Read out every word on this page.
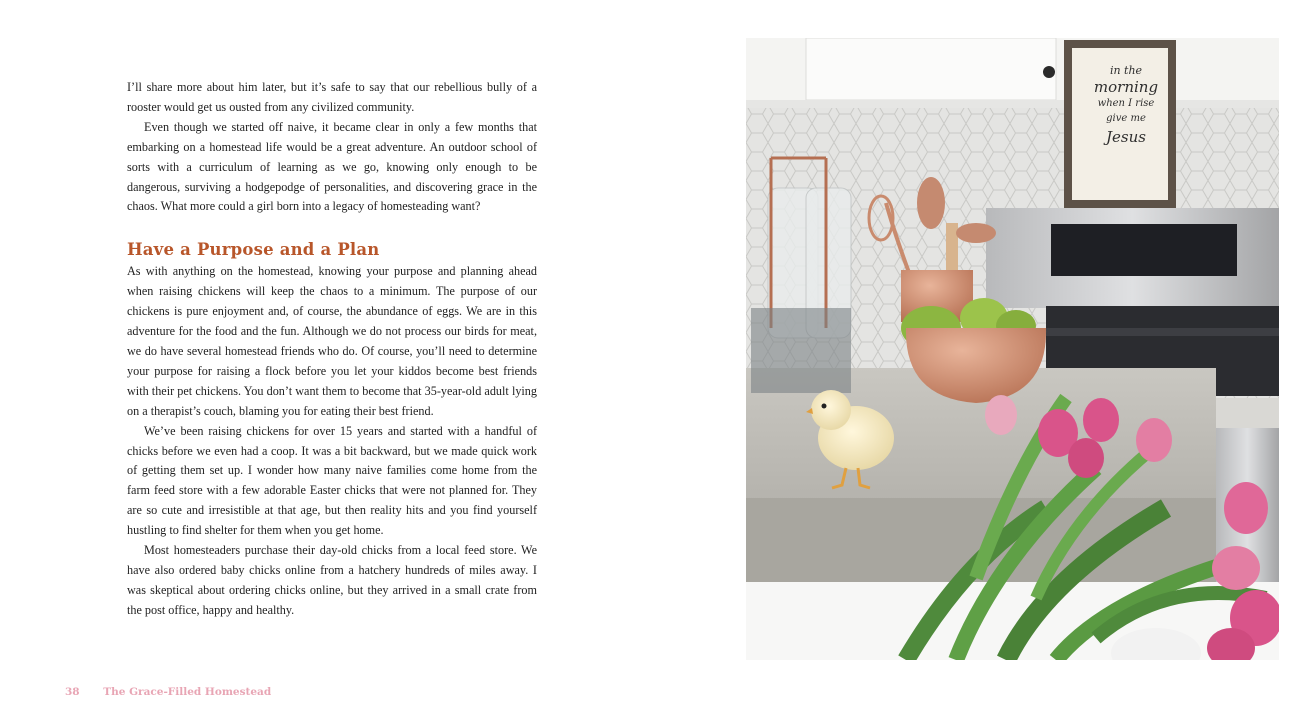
I’ll share more about him later, but it’s safe to say that our rebellious bully of a rooster would get us ousted from any civilized community.

Even though we started off naive, it became clear in only a few months that embarking on a homestead life would be a great adventure. An outdoor school of sorts with a curriculum of learning as we go, knowing only enough to be dangerous, surviving a hodgepodge of personalities, and discovering grace in the chaos. What more could a girl born into a legacy of homesteading want?

Have a Purpose and a Plan

As with anything on the homestead, knowing your purpose and planning ahead when raising chickens will keep the chaos to a minimum. The purpose of our chickens is pure enjoyment and, of course, the abundance of eggs. We are in this adventure for the food and the fun. Although we do not process our birds for meat, we do have several homestead friends who do. Of course, you’ll need to determine your purpose for raising a flock before you let your kiddos become best friends with their pet chickens. You don’t want them to become that 35-year-old adult lying on a therapist’s couch, blaming you for eating their best friend.

We’ve been raising chickens for over 15 years and started with a handful of chicks before we even had a coop. It was a bit backward, but we made quick work of getting them set up. I wonder how many naive families come home from the farm feed store with a few adorable Easter chicks that were not planned for. They are so cute and irresistible at that age, but then reality hits and you find yourself hustling to find shelter for them when you get home.

Most homesteaders purchase their day-old chicks from a local feed store. We have also ordered baby chicks online from a hatchery hundreds of miles away. I was skeptical about ordering chicks online, but they arrived in a small crate from the post office, happy and healthy.

38 The Grace-Filled Homestead
in the
morning
when I rise
give me
Jesus
